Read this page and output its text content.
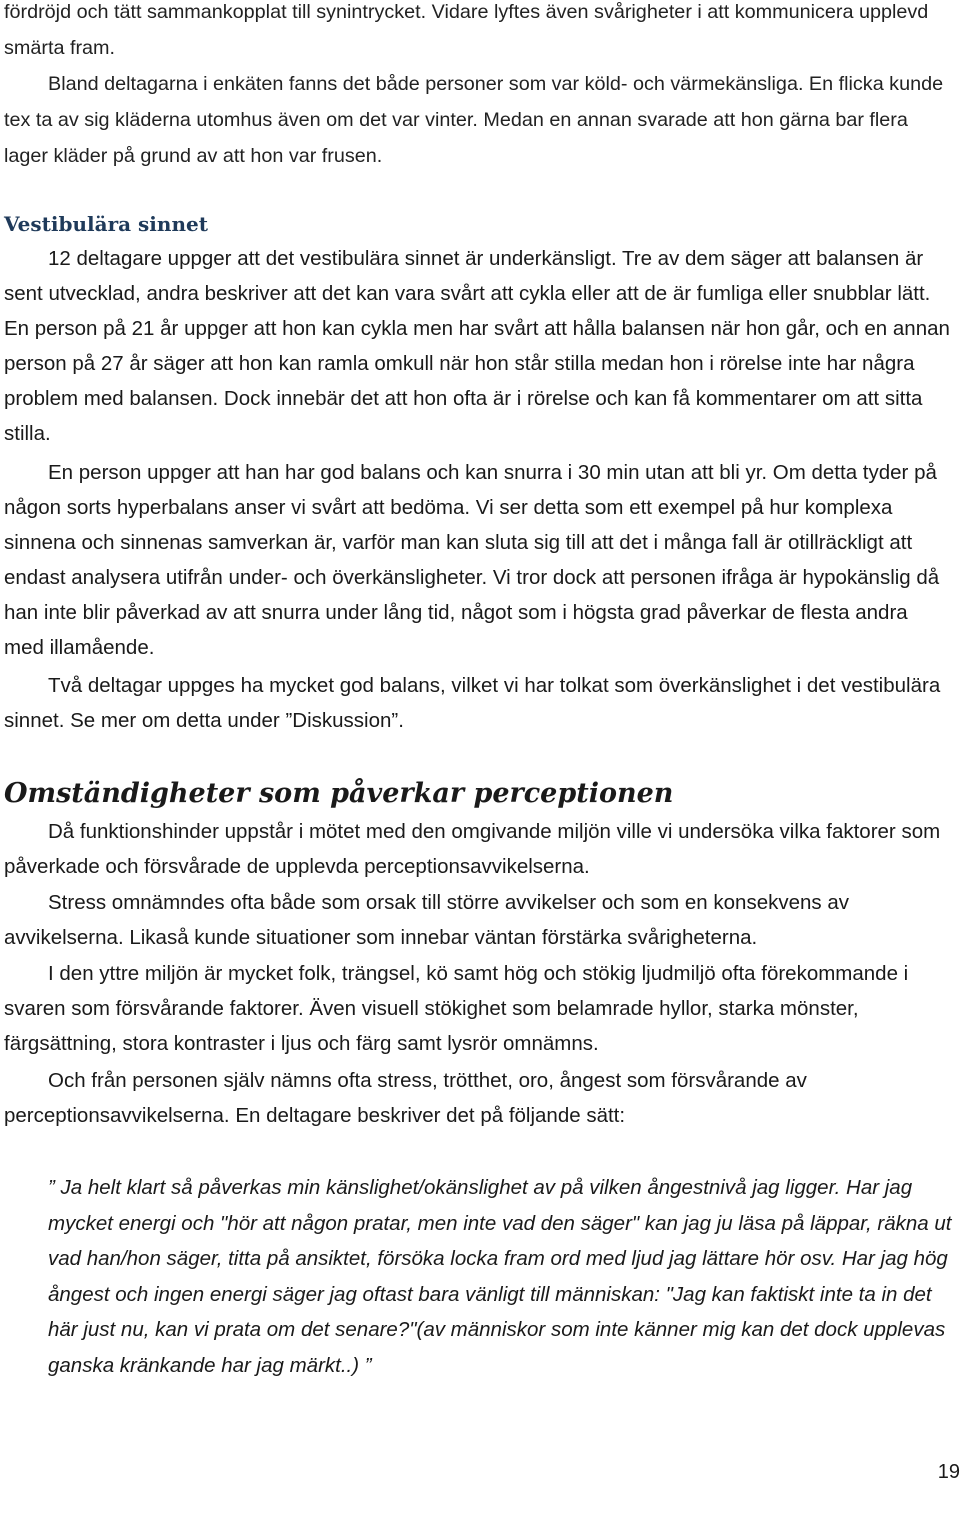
fördröjd och tätt sammankopplat till synintrycket. Vidare lyftes även svårigheter i att kommunicera upplevd smärta fram.

Bland deltagarna i enkäten fanns det både personer som var köld- och värmekänsliga. En flicka kunde tex ta av sig kläderna utomhus även om det var vinter. Medan en annan svarade att hon gärna bar flera lager kläder på grund av att hon var frusen.

Vestibulära sinnet

12 deltagare uppger att det vestibulära sinnet är underkänsligt. Tre av dem säger att balansen är sent utvecklad, andra beskriver att det kan vara svårt att cykla eller att de är fumliga eller snubblar lätt. En person på 21 år uppger att hon kan cykla men har svårt att hålla balansen när hon går, och en annan person på 27 år säger att hon kan ramla omkull när hon står stilla medan hon i rörelse inte har några problem med balansen. Dock innebär det att hon ofta är i rörelse och kan få kommentarer om att sitta stilla.

En person uppger att han har god balans och kan snurra i 30 min utan att bli yr. Om detta tyder på någon sorts hyperbalans anser vi svårt att bedöma. Vi ser detta som ett exempel på hur komplexa sinnena och sinnenas samverkan är, varför man kan sluta sig till att det i många fall är otillräckligt att endast analysera utifrån under- och överkänsligheter. Vi tror dock att personen ifråga är hypokänslig då han inte blir påverkad av att snurra under lång tid, något som i högsta grad påverkar de flesta andra med illamående.

Två deltagar uppges ha mycket god balans, vilket vi har tolkat som överkänslighet i det vestibulära sinnet. Se mer om detta under ”Diskussion”.

Omständigheter som påverkar perceptionen

Då funktionshinder uppstår i mötet med den omgivande miljön ville vi undersöka vilka faktorer som påverkade och försvårade de upplevda perceptionsavvikelserna.

Stress omnämndes ofta både som orsak till större avvikelser och som en konsekvens av avvikelserna. Likaså kunde situationer som innebar väntan förstärka svårigheterna.

I den yttre miljön är mycket folk, trängsel, kö samt hög och stökig ljudmiljö ofta förekommande i svaren som försvårande faktorer. Även visuell stökighet som belamrade hyllor, starka mönster, färgsättning, stora kontraster i ljus och färg samt lysrör omnämns.

Och från personen själv nämns ofta stress, trötthet, oro, ångest som försvårande av perceptionsavvikelserna. En deltagare beskriver det på följande sätt:

” Ja helt klart så påverkas min känslighet/okänslighet av på vilken ångestnivå jag ligger. Har jag mycket energi och "hör att någon pratar, men inte vad den säger" kan jag ju läsa på läppar, räkna ut vad han/hon säger, titta på ansiktet, försöka locka fram ord med ljud jag lättare hör osv. Har jag hög ångest och ingen energi säger jag oftast bara vänligt till människan: "Jag kan faktiskt inte ta in det här just nu, kan vi prata om det senare?"(av människor som inte känner mig kan det dock upplevas ganska kränkande har jag märkt..) ”

19
